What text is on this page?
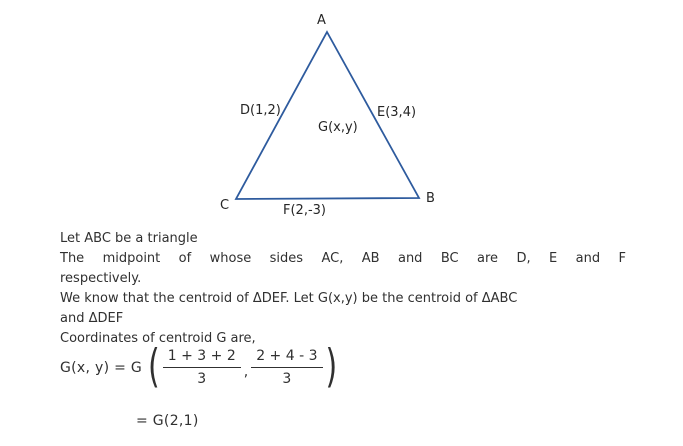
A
B
C
D(1,2)	E(3,4)
G(x,y)
F(2,-3)
Let ABC be a triangle
The midpoint of whose sides AC, AB and BC are D, E and F
respectively.
We know that the centroid of ΔDEF. Let G(x,y) be the centroid of ΔABC
and ΔDEF
Coordinates of centroid G are,
G(x, y) = G ( $\frac{1 + 3 + 2}{3}$ , $\frac{2 + 4 - 3}{3}$ )
= G(2,1)
